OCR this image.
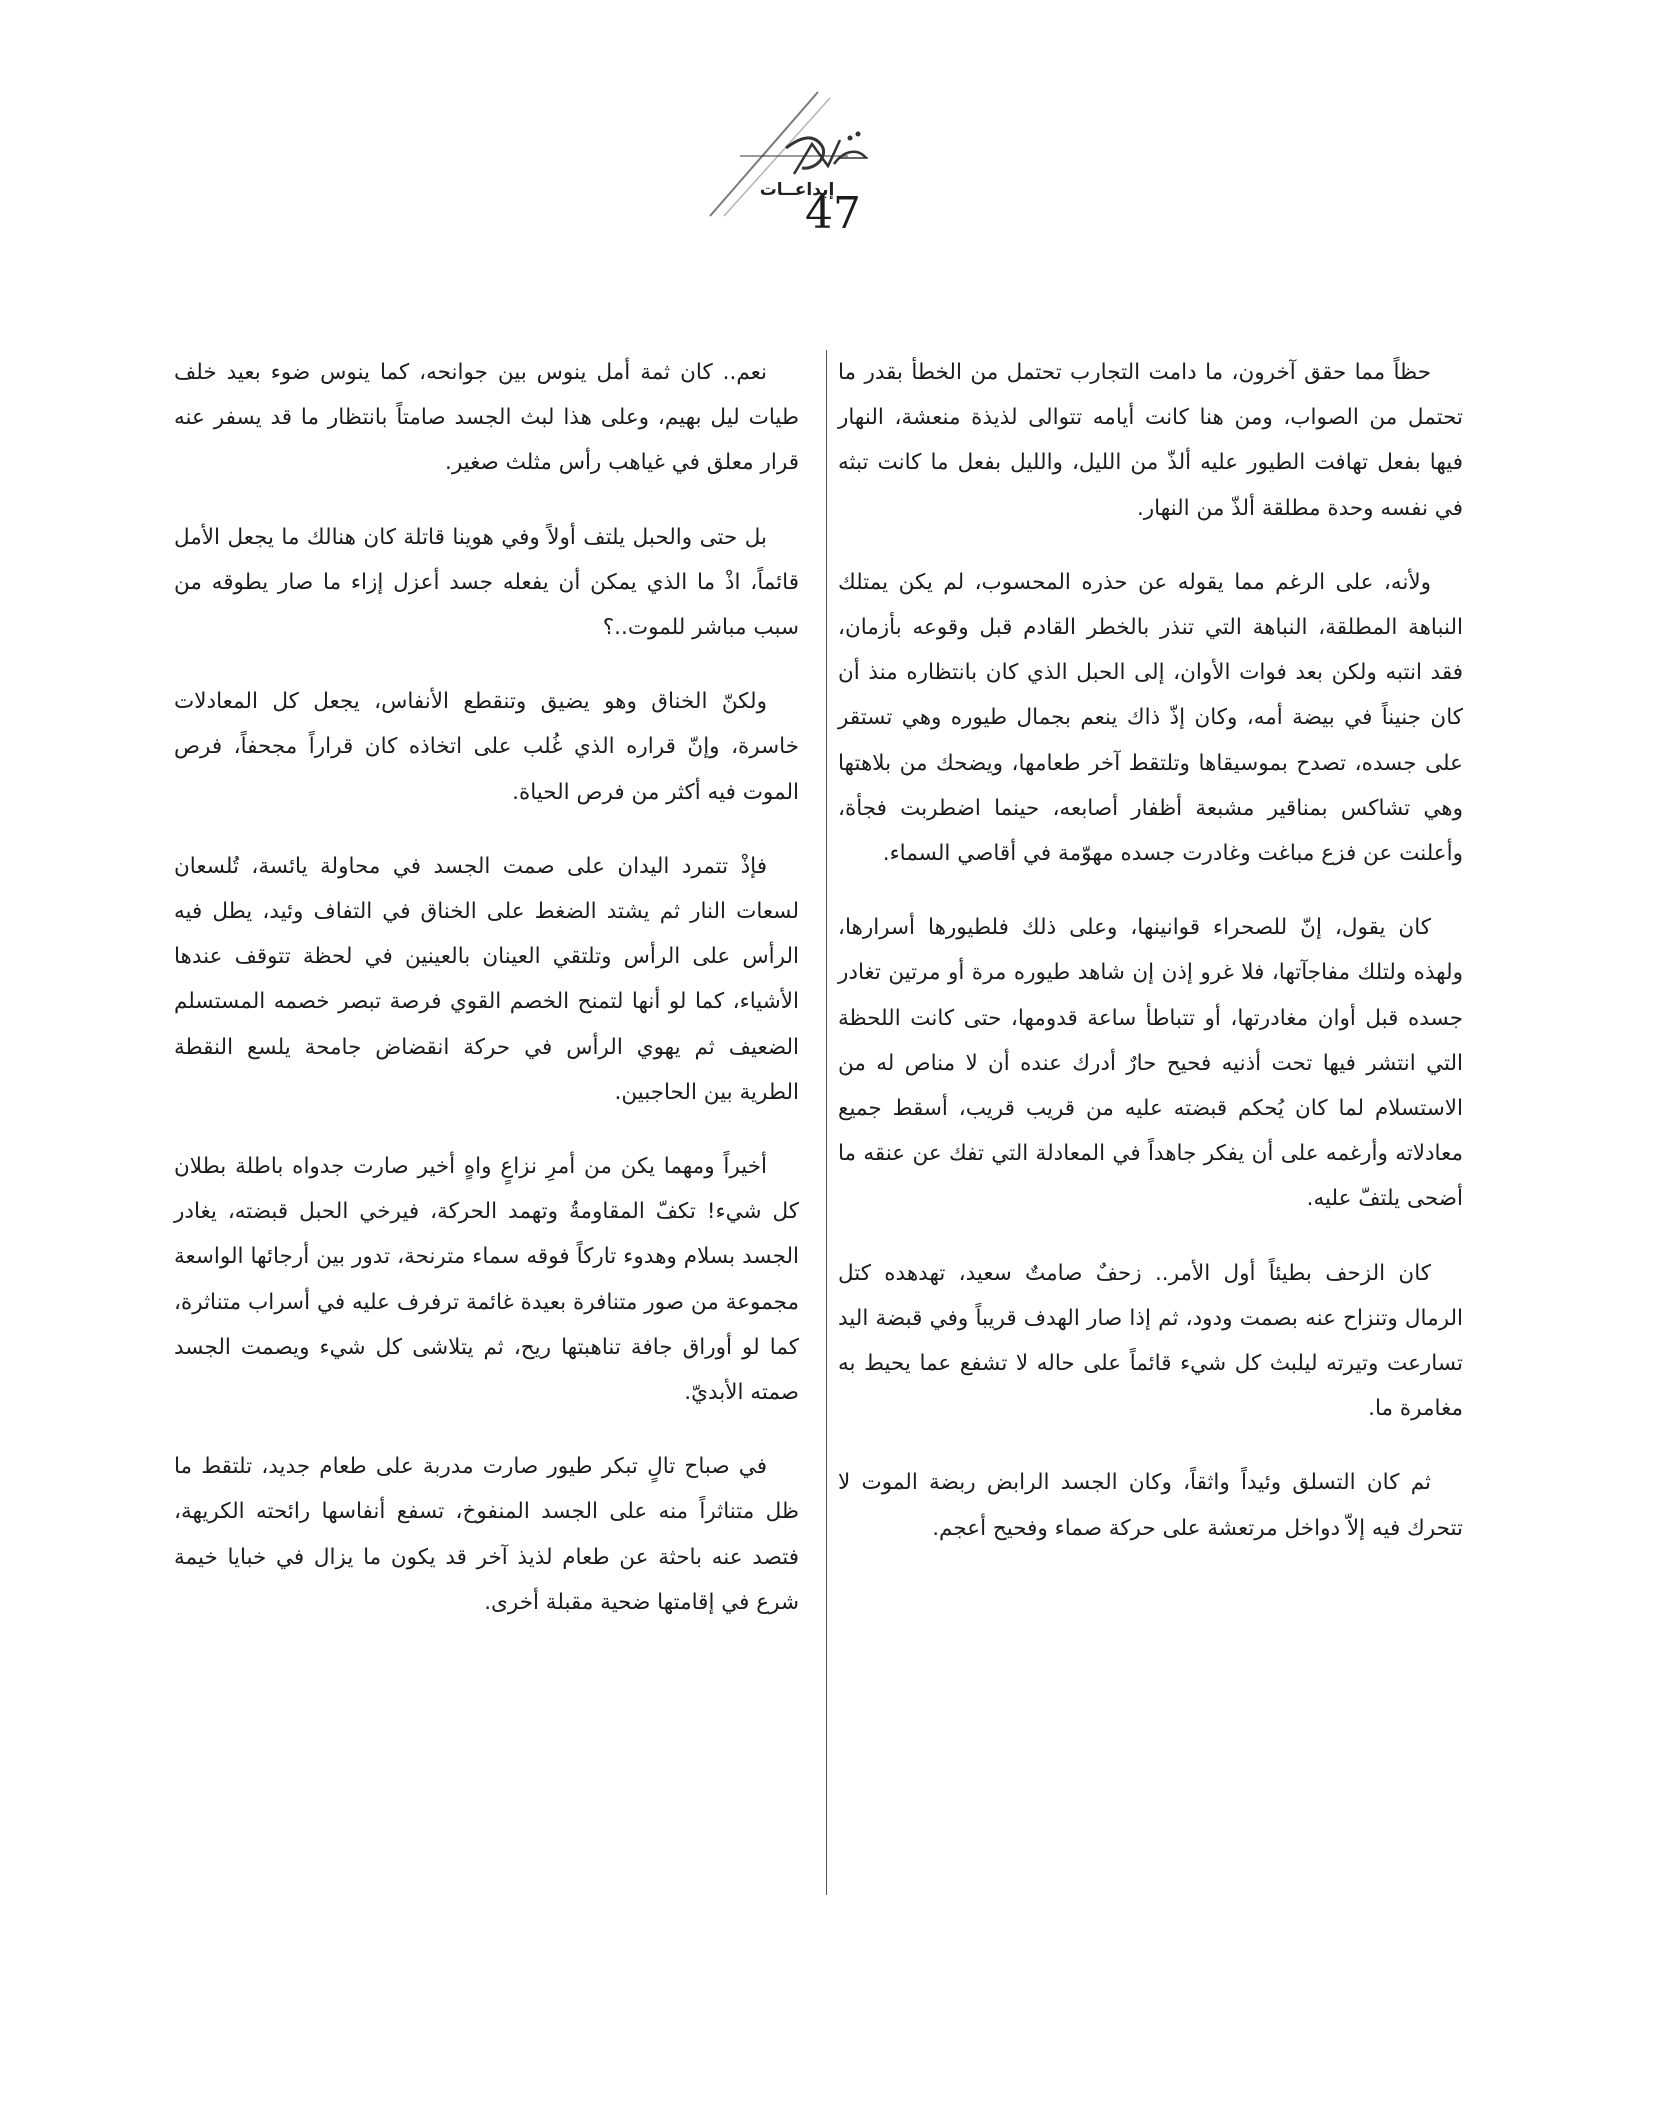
إبداعــات
47

حظاً مما حقق آخرون، ما دامت التجارب تحتمل من الخطأ بقدر ما تحتمل من الصواب، ومن هنا كانت أيامه تتوالى لذيذة منعشة، النهار فيها بفعل تهافت الطيور عليه ألذّ من الليل، والليل بفعل ما كانت تبثه في نفسه وحدة مطلقة ألذّ من النهار.

ولأنه، على الرغم مما يقوله عن حذره المحسوب، لم يكن يمتلك النباهة المطلقة، النباهة التي تنذر بالخطر القادم قبل وقوعه بأزمان، فقد انتبه ولكن بعد فوات الأوان، إلى الحبل الذي كان بانتظاره منذ أن كان جنيناً في بيضة أمه، وكان إذّ ذاك ينعم بجمال طيوره وهي تستقر على جسده، تصدح بموسيقاها وتلتقط آخر طعامها، ويضحك من بلاهتها وهي تشاكس بمناقير مشبعة أظفار أصابعه، حينما اضطربت فجأة، وأعلنت عن فزع مباغت وغادرت جسده مهوّمة في أقاصي السماء.

كان يقول، إنّ للصحراء قوانينها، وعلى ذلك فلطيورها أسرارها، ولهذه ولتلك مفاجآتها، فلا غرو إذن إن شاهد طيوره مرة أو مرتين تغادر جسده قبل أوان مغادرتها، أو تتباطأ ساعة قدومها، حتى كانت اللحظة التي انتشر فيها تحت أذنيه فحيح حارٌ أدرك عنده أن لا مناص له من الاستسلام لما كان يُحكم قبضته عليه من قريب قريب، أسقط جميع معادلاته وأرغمه على أن يفكر جاهداً في المعادلة التي تفك عن عنقه ما أضحى يلتفّ عليه.

كان الزحف بطيئاً أول الأمر.. زحفٌ صامتٌ سعيد، تهدهده كتل الرمال وتنزاح عنه بصمت ودود، ثم إذا صار الهدف قريباً وفي قبضة اليد تسارعت وتيرته ليلبث كل شيء قائماً على حاله لا تشفع عما يحيط به مغامرة ما.

ثم كان التسلق وئيداً واثقاً، وكان الجسد الرابض ربضة الموت لا تتحرك فيه إلاّ دواخل مرتعشة على حركة صماء وفحيح أعجم.

نعم.. كان ثمة أمل ينوس بين جوانحه، كما ينوس ضوء بعيد خلف طيات ليل بهيم، وعلى هذا لبث الجسد صامتاً بانتظار ما قد يسفر عنه قرار معلق في غياهب رأس مثلث صغير.

بل حتى والحبل يلتف أولاً وفي هوينا قاتلة كان هنالك ما يجعل الأمل قائماً، اذْ ما الذي يمكن أن يفعله جسد أعزل إزاء ما صار يطوقه من سبب مباشر للموت..؟

ولكنّ الخناق وهو يضيق وتنقطع الأنفاس، يجعل كل المعادلات خاسرة، وإنّ قراره الذي غُلب على اتخاذه كان قراراً مجحفاً، فرص الموت فيه أكثر من فرص الحياة.

فإذْ تتمرد اليدان على صمت الجسد في محاولة يائسة، تُلسعان لسعات النار ثم يشتد الضغط على الخناق في التفاف وئيد، يطل فيه الرأس على الرأس وتلتقي العينان بالعينين في لحظة تتوقف عندها الأشياء، كما لو أنها لتمنح الخصم القوي فرصة تبصر خصمه المستسلم الضعيف ثم يهوي الرأس في حركة انقضاض جامحة يلسع النقطة الطرية بين الحاجبين.

أخيراً ومهما يكن من أمرِ نزاعٍ واهٍ أخير صارت جدواه باطلة بطلان كل شيء! تكفّ المقاومةُ وتهمد الحركة، فيرخي الحبل قبضته، يغادر الجسد بسلام وهدوء تاركاً فوقه سماء مترنحة، تدور بين أرجائها الواسعة مجموعة من صور متنافرة بعيدة غائمة ترفرف عليه في أسراب متناثرة، كما لو أوراق جافة تناهبتها ريح، ثم يتلاشى كل شيء ويصمت الجسد صمته الأبديّ.

في صباح تالٍ تبكر طيور صارت مدربة على طعام جديد، تلتقط ما ظل متناثراً منه على الجسد المنفوخ، تسفع أنفاسها رائحته الكريهة، فتصد عنه باحثة عن طعام لذيذ آخر قد يكون ما يزال في خبايا خيمة شرع في إقامتها ضحية مقبلة أخرى.
